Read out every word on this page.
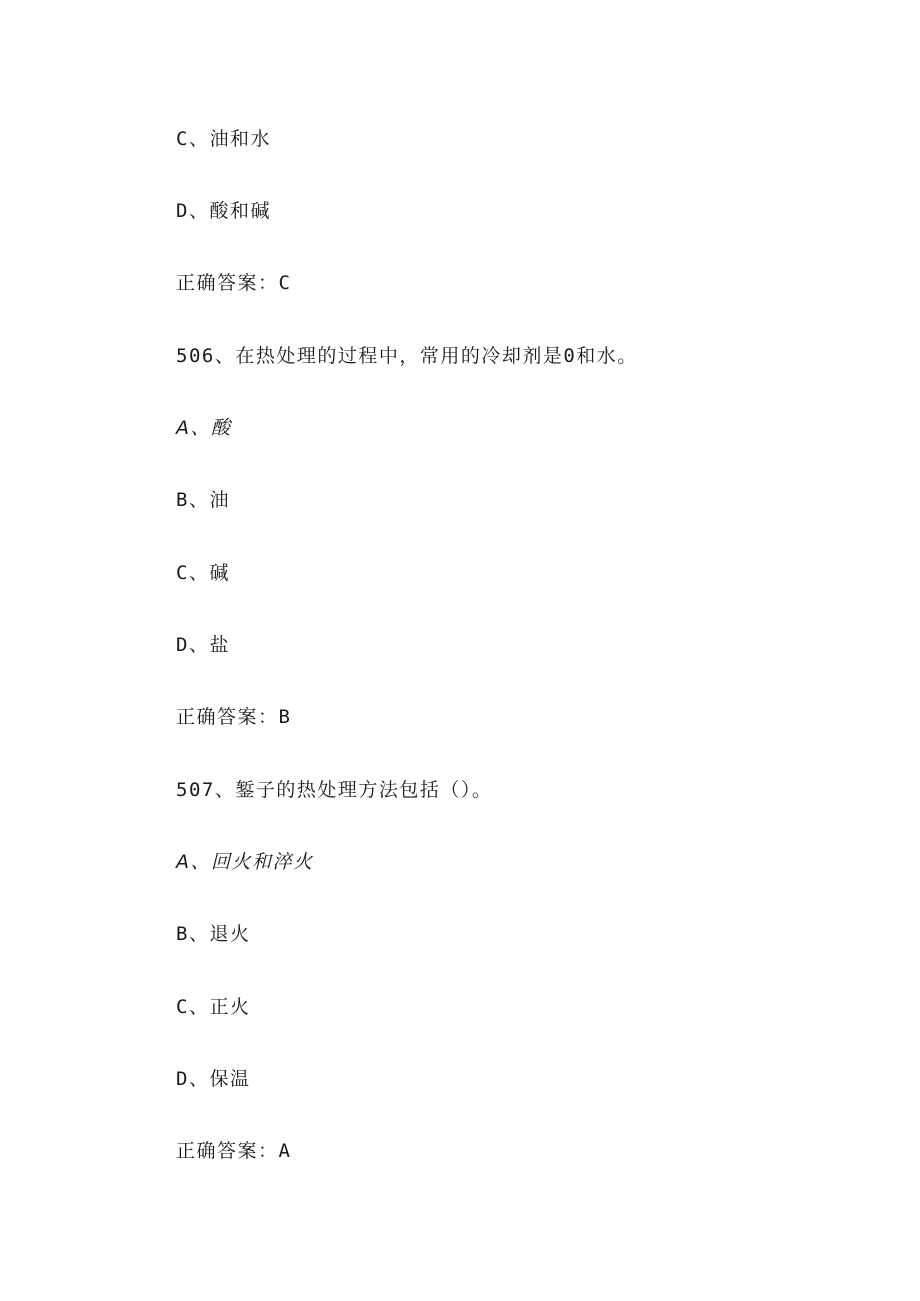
C、油和水
D、酸和碱
正确答案：C
506、在热处理的过程中，常用的冷却剂是0和水。
A、酸
B、油
C、碱
D、盐
正确答案：B
507、錾子的热处理方法包括（）。
A、回火和淬火
B、退火
C、正火
D、保温
正确答案：A
